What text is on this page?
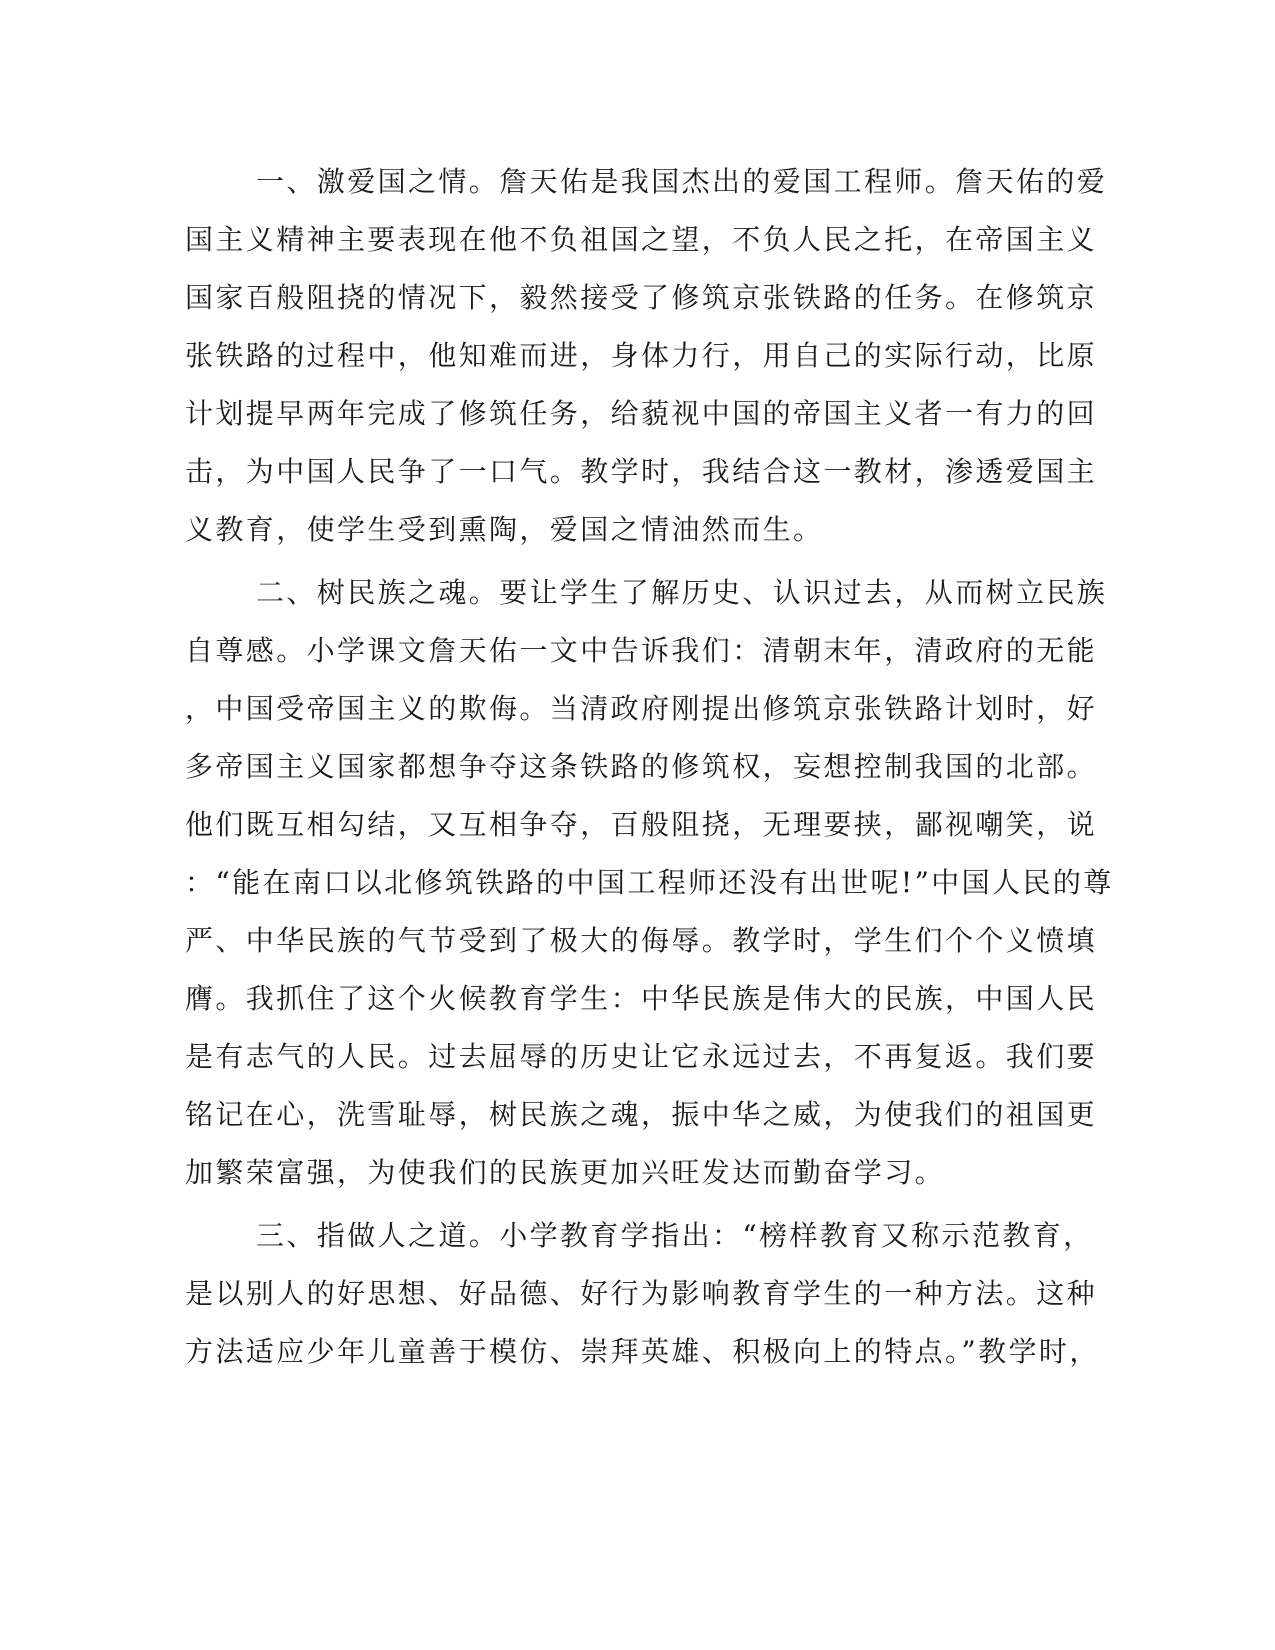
一、激爱国之情。詹天佑是我国杰出的爱国工程师。詹天佑的爱
国主义精神主要表现在他不负祖国之望，不负人民之托，在帝国主义
国家百般阻挠的情况下，毅然接受了修筑京张铁路的任务。在修筑京
张铁路的过程中，他知难而进，身体力行，用自己的实际行动，比原
计划提早两年完成了修筑任务，给藐视中国的帝国主义者一有力的回
击，为中国人民争了一口气。教学时，我结合这一教材，渗透爱国主
义教育，使学生受到熏陶，爱国之情油然而生。
二、树民族之魂。要让学生了解历史、认识过去，从而树立民族
自尊感。小学课文詹天佑一文中告诉我们：清朝末年，清政府的无能
，中国受帝国主义的欺侮。当清政府刚提出修筑京张铁路计划时，好
多帝国主义国家都想争夺这条铁路的修筑权，妄想控制我国的北部。
他们既互相勾结，又互相争夺，百般阻挠，无理要挟，鄙视嘲笑，说
：“能在南口以北修筑铁路的中国工程师还没有出世呢!”中国人民的尊
严、中华民族的气节受到了极大的侮辱。教学时，学生们个个义愤填
膺。我抓住了这个火候教育学生：中华民族是伟大的民族，中国人民
是有志气的人民。过去屈辱的历史让它永远过去，不再复返。我们要
铭记在心，洗雪耻辱，树民族之魂，振中华之威，为使我们的祖国更
加繁荣富强，为使我们的民族更加兴旺发达而勤奋学习。
三、指做人之道。小学教育学指出：“榜样教育又称示范教育，
是以别人的好思想、好品德、好行为影响教育学生的一种方法。这种
方法适应少年儿童善于模仿、崇拜英雄、积极向上的特点。”教学时，
